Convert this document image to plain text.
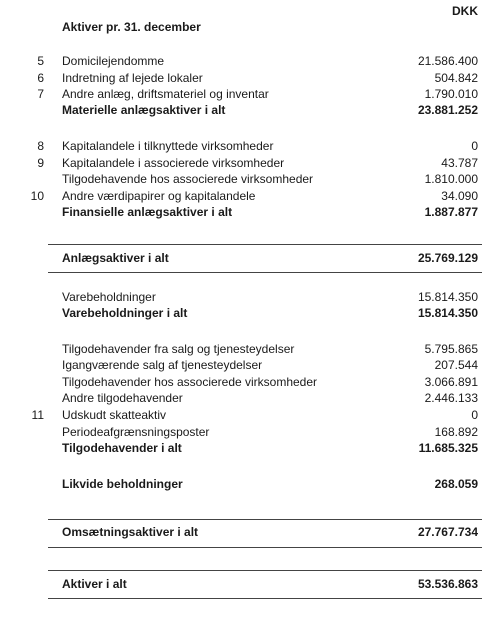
DKK
Aktiver pr. 31. december
5 Domicilejendomme	21.586.400
6 Indretning af lejede lokaler	504.842
7 Andre anlæg, driftsmateriel og inventar	1.790.010
Materielle anlægsaktiver i alt	23.881.252
8 Kapitalandele i tilknyttede virksomheder	0
9 Kapitalandele i associerede virksomheder	43.787
Tilgodehavende hos associerede virksomheder	1.810.000
10 Andre værdipapirer og kapitalandele	34.090
Finansielle anlægsaktiver i alt	1.887.877
Anlægsaktiver i alt	25.769.129
Varebeholdninger	15.814.350
Varebeholdninger i alt	15.814.350
Tilgodehavender fra salg og tjenesteydelser	5.795.865
Igangværende salg af tjenesteydelser	207.544
Tilgodehavender hos associerede virksomheder	3.066.891
Andre tilgodehavender	2.446.133
11 Udskudt skatteaktiv	0
Periodeafgrænsningsposter	168.892
Tilgodehavender i alt	11.685.325
Likvide beholdninger	268.059
Omsætningsaktiver i alt	27.767.734
Aktiver i alt	53.536.863
